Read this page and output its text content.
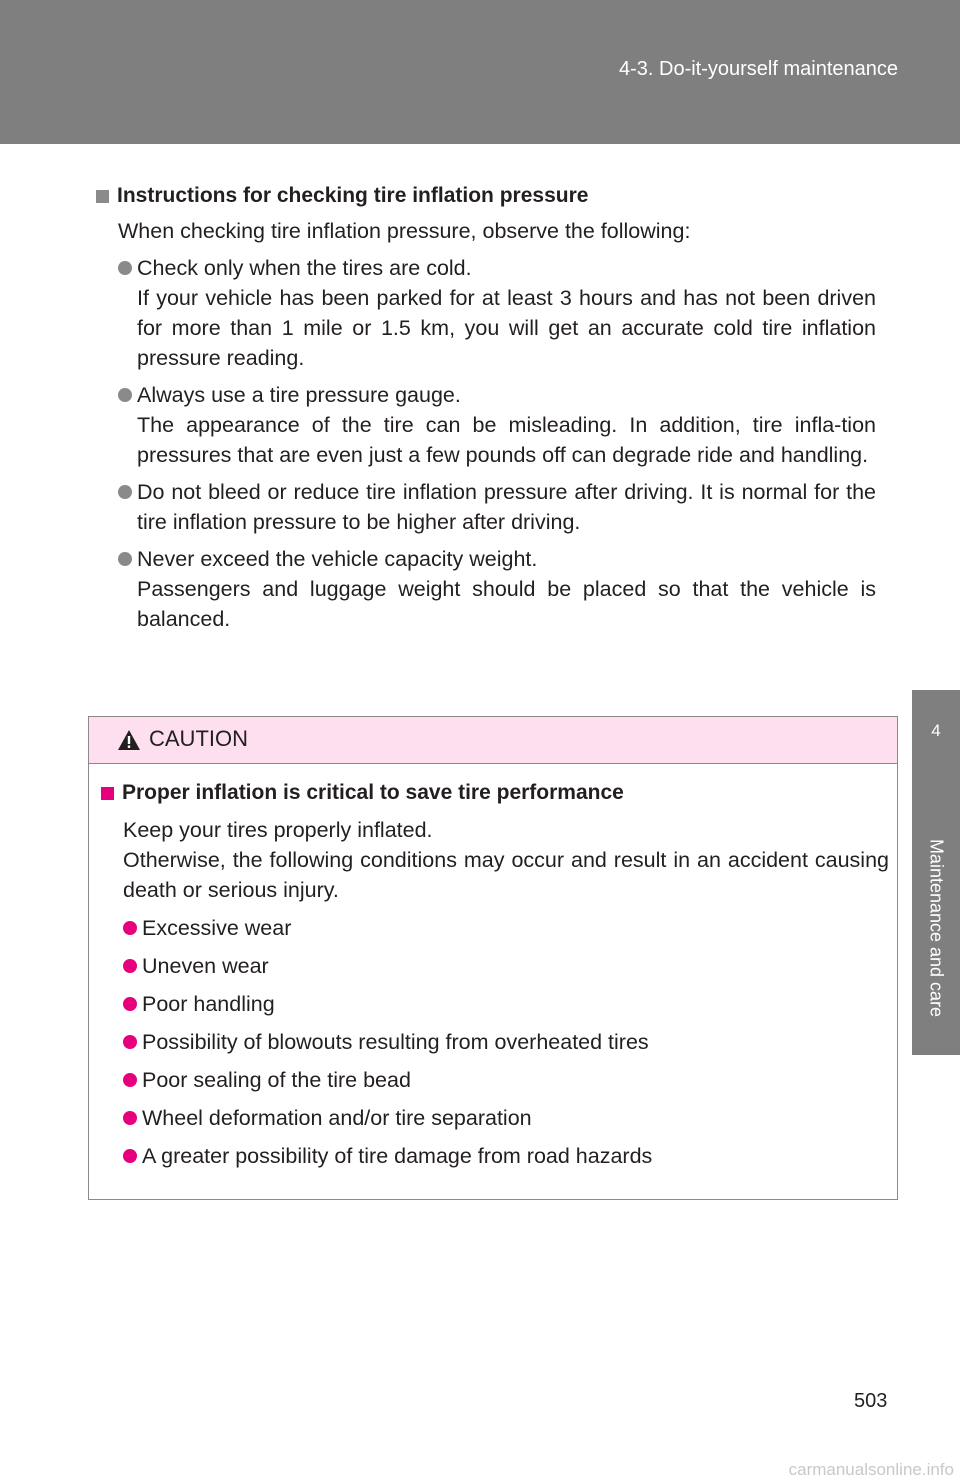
4-3. Do-it-yourself maintenance
4
Maintenance and care
Instructions for checking tire inflation pressure
When checking tire inflation pressure, observe the following:
Check only when the tires are cold.
If your vehicle has been parked for at least 3 hours and has not been driven for more than 1 mile or 1.5 km, you will get an accurate cold tire inflation pressure reading.
Always use a tire pressure gauge.
The appearance of the tire can be misleading. In addition, tire infla-tion pressures that are even just a few pounds off can degrade ride and handling.
Do not bleed or reduce tire inflation pressure after driving. It is normal for the tire inflation pressure to be higher after driving.
Never exceed the vehicle capacity weight.
Passengers and luggage weight should be placed so that the vehicle is balanced.
CAUTION
Proper inflation is critical to save tire performance
Keep your tires properly inflated.
Otherwise, the following conditions may occur and result in an accident causing death or serious injury.
Excessive wear
Uneven wear
Poor handling
Possibility of blowouts resulting from overheated tires
Poor sealing of the tire bead
Wheel deformation and/or tire separation
A greater possibility of tire damage from road hazards
503
carmanualsonline.info
